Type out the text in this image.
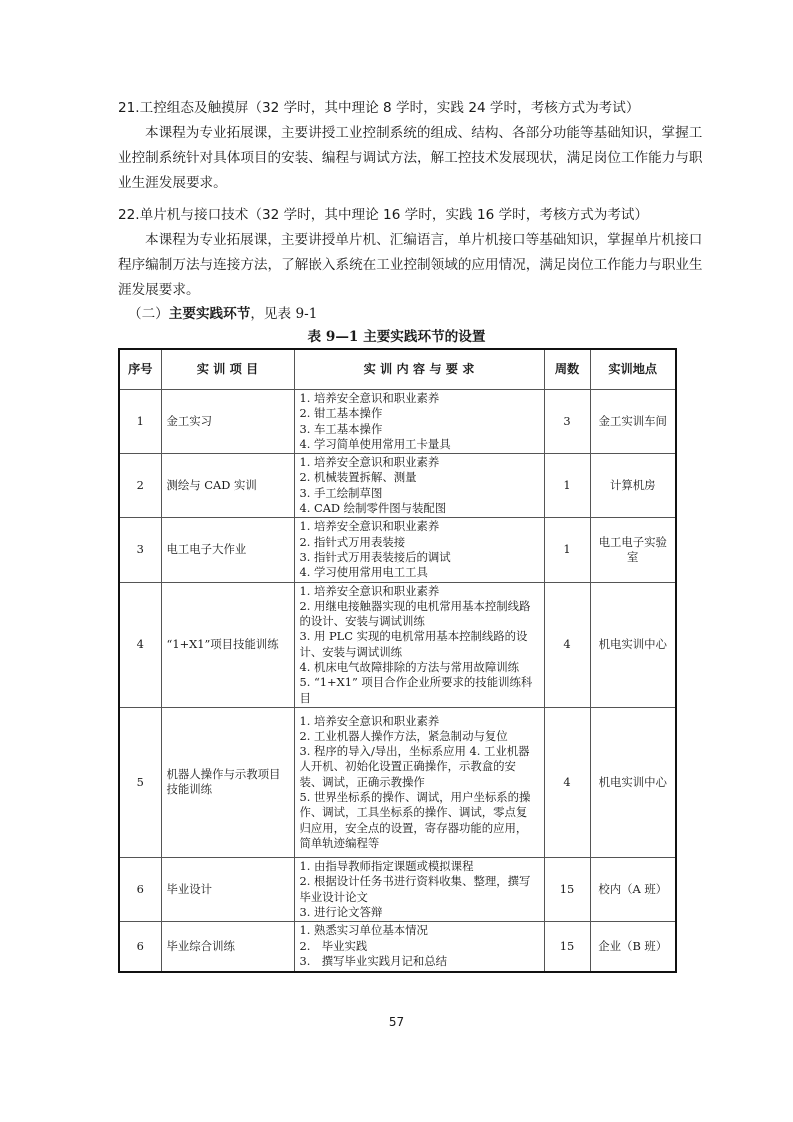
21.工控组态及触摸屏（32 学时，其中理论 8 学时，实践 24 学时，考核方式为考试）
本课程为专业拓展课，主要讲授工业控制系统的组成、结构、各部分功能等基础知识，掌握工
业控制系统针对具体项目的安装、编程与调试方法，解工控技术发展现状，满足岗位工作能力与职
业生涯发展要求。
22.单片机与接口技术（32 学时，其中理论 16 学时，实践 16 学时，考核方式为考试）
本课程为专业拓展课，主要讲授单片机、汇编语言，单片机接口等基础知识，掌握单片机接口
程序编制万法与连接方法，了解嵌入系统在工业控制领域的应用情况，满足岗位工作能力与职业生
涯发展要求。
（二）主要实践环节，见表 9-1
表 9—1 主要实践环节的设置
序号	实 训 项 目	实 训 内 容 与 要 求	周数	实训地点
1	金工实习	1. 培养安全意识和职业素养
2. 钳工基本操作
3. 车工基本操作
4. 学习简单使用常用工卡量具	3	金工实训车间
2	测绘与 CAD 实训	1. 培养安全意识和职业素养
2. 机械装置拆解、测量
3. 手工绘制草图
4. CAD 绘制零件图与装配图	1	计算机房
3	电工电子大作业	1. 培养安全意识和职业素养
2. 指针式万用表装接
3. 指针式万用表装接后的调试
4. 学习使用常用电工工具	1	电工电子实验室
4	“1+X1”项目技能训练	1. 培养安全意识和职业素养
2. 用继电接触器实现的电机常用基本控制线路的设计、安装与调试训练
3. 用 PLC 实现的电机常用基本控制线路的设计、安装与调试训练
4. 机床电气故障排除的方法与常用故障训练
5. “1+X1” 项目合作企业所要求的技能训练科目	4	机电实训中心
5	机器人操作与示教项目技能训练	1. 培养安全意识和职业素养
2. 工业机器人操作方法，紧急制动与复位
3. 程序的导入/导出，坐标系应用 4. 工业机器人开机、初始化设置正确操作，示教盒的安装、调试，正确示教操作
5. 世界坐标系的操作、调试，用户坐标系的操作、调试，工具坐标系的操作、调试，零点复归应用，安全点的设置，寄存器功能的应用，简单轨迹编程等	4	机电实训中心
6	毕业设计	1. 由指导教师指定课题或模拟课程
2. 根据设计任务书进行资料收集、整理，撰写毕业设计论文
3. 进行论文答辩	15	校内（A 班）
6	毕业综合训练	1. 熟悉实习单位基本情况
2.　毕业实践
3.　撰写毕业实践月记和总结	15	企业（B 班）
57
